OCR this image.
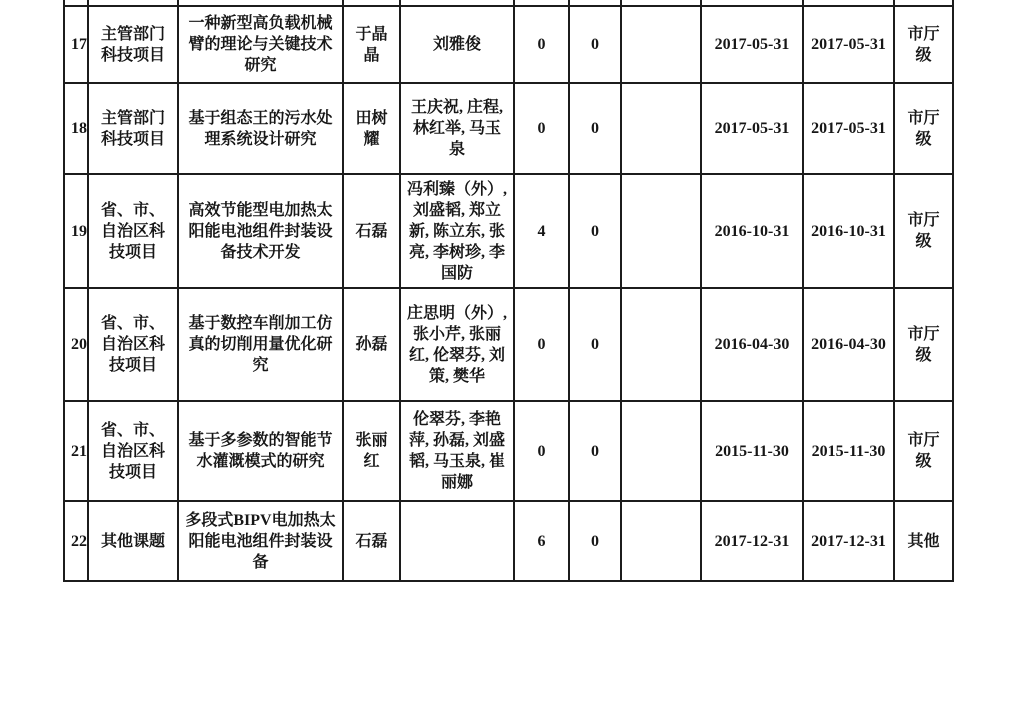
17	主管部门科技项目	一种新型高负载机械臂的理论与关键技术研究	于晶晶	刘雅俊	0	0		2017-05-31	2017-05-31	市厅级
18	主管部门科技项目	基于组态王的污水处理系统设计研究	田树耀	王庆祝, 庄程, 林红举, 马玉泉	0	0		2017-05-31	2017-05-31	市厅级
19	省、市、自治区科技项目	高效节能型电加热太阳能电池组件封装设备技术开发	石磊	冯利臻（外）, 刘盛韬, 郑立新, 陈立东, 张亮, 李树珍, 李国防	4	0		2016-10-31	2016-10-31	市厅级
20	省、市、自治区科技项目	基于数控车削加工仿真的切削用量优化研究	孙磊	庄思明（外）, 张小芹, 张丽红, 伦翠芬, 刘策, 樊华	0	0		2016-04-30	2016-04-30	市厅级
21	省、市、自治区科技项目	基于多参数的智能节水灌溉模式的研究	张丽红	伦翠芬, 李艳萍, 孙磊, 刘盛韬, 马玉泉, 崔丽娜	0	0		2015-11-30	2015-11-30	市厅级
22	其他课题	多段式BIPV电加热太阳能电池组件封装设备	石磊		6	0		2017-12-31	2017-12-31	其他
